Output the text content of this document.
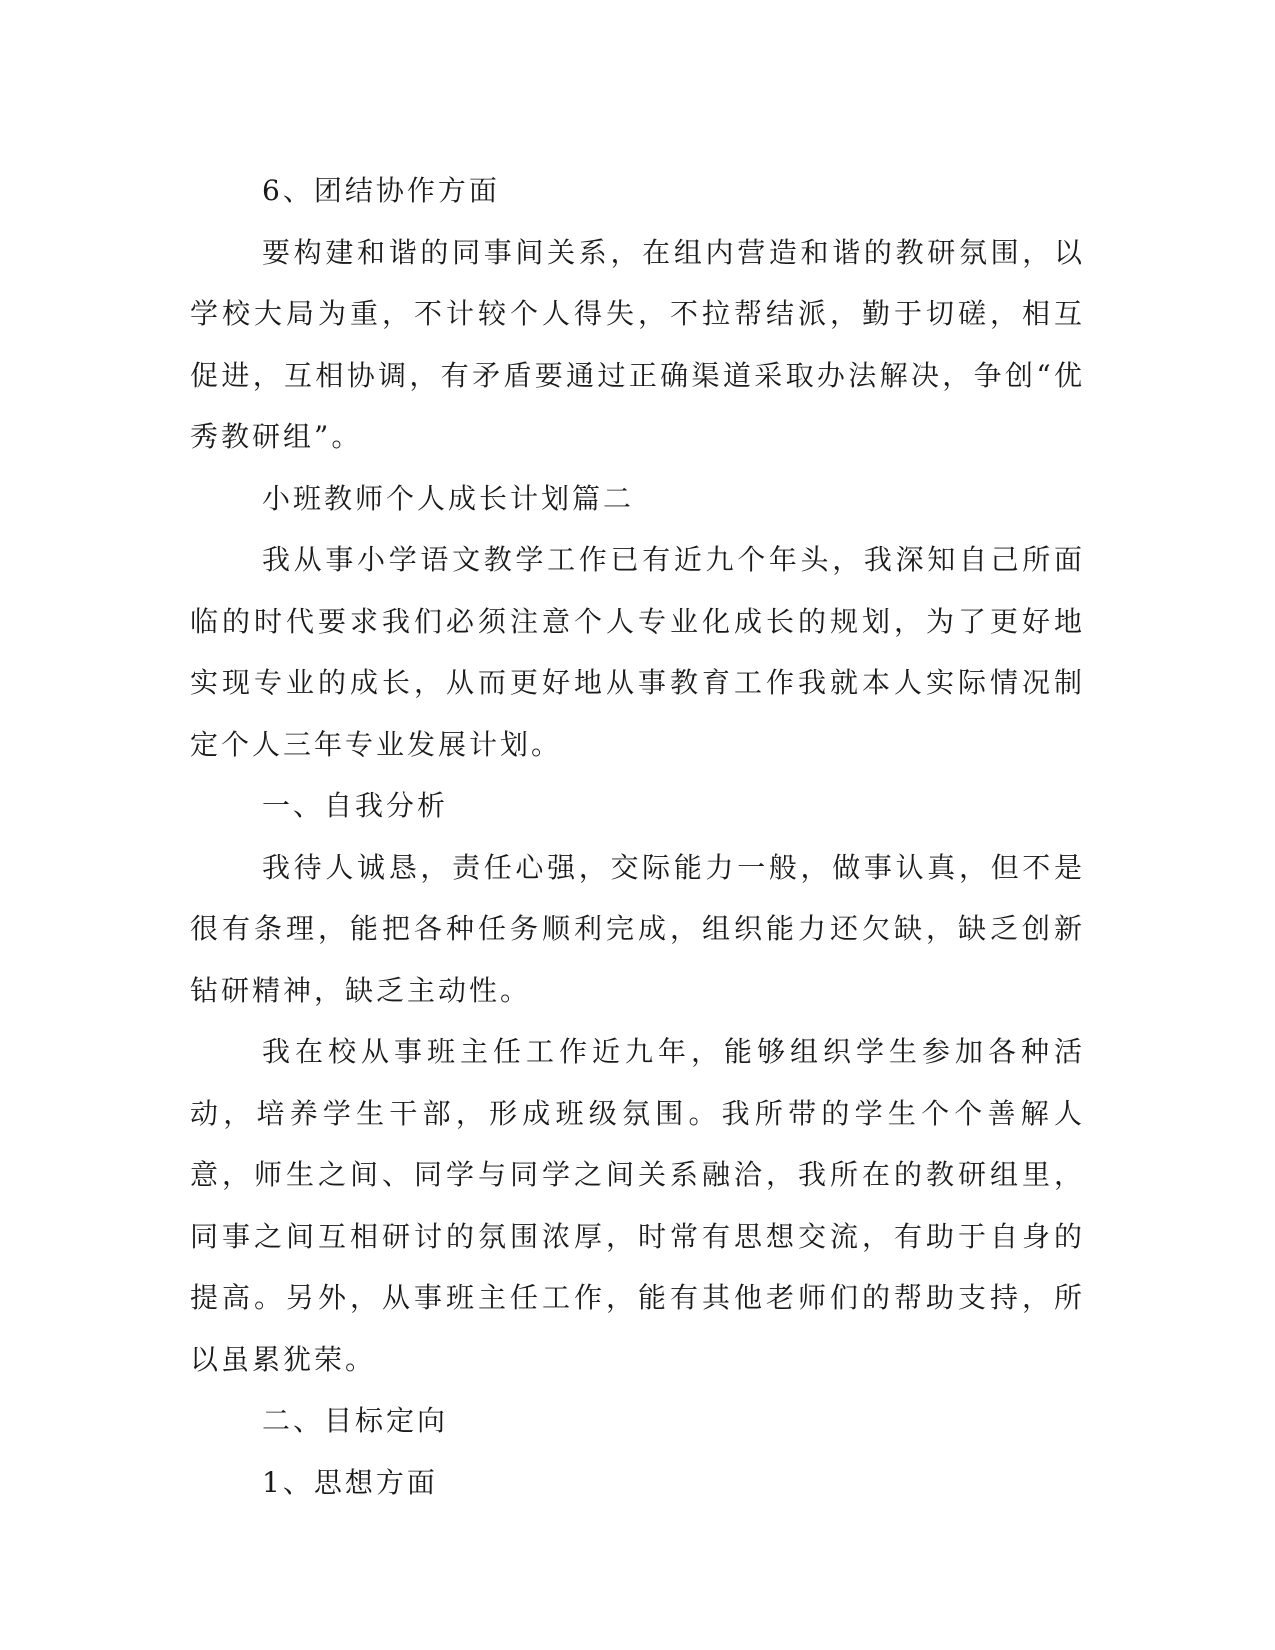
6、团结协作方面

要构建和谐的同事间关系，在组内营造和谐的教研氛围，以学校大局为重，不计较个人得失，不拉帮结派，勤于切磋，相互促进，互相协调，有矛盾要通过正确渠道采取办法解决，争创“优秀教研组”。

小班教师个人成长计划篇二

我从事小学语文教学工作已有近九个年头，我深知自己所面临的时代要求我们必须注意个人专业化成长的规划，为了更好地实现专业的成长，从而更好地从事教育工作我就本人实际情况制定个人三年专业发展计划。

一、自我分析

我待人诚恳，责任心强，交际能力一般，做事认真，但不是很有条理，能把各种任务顺利完成，组织能力还欠缺，缺乏创新钻研精神，缺乏主动性。

我在校从事班主任工作近九年，能够组织学生参加各种活动，培养学生干部，形成班级氛围。我所带的学生个个善解人意，师生之间、同学与同学之间关系融洽，我所在的教研组里，同事之间互相研讨的氛围浓厚，时常有思想交流，有助于自身的提高。另外，从事班主任工作，能有其他老师们的帮助支持，所以虽累犹荣。

二、目标定向

1、思想方面
